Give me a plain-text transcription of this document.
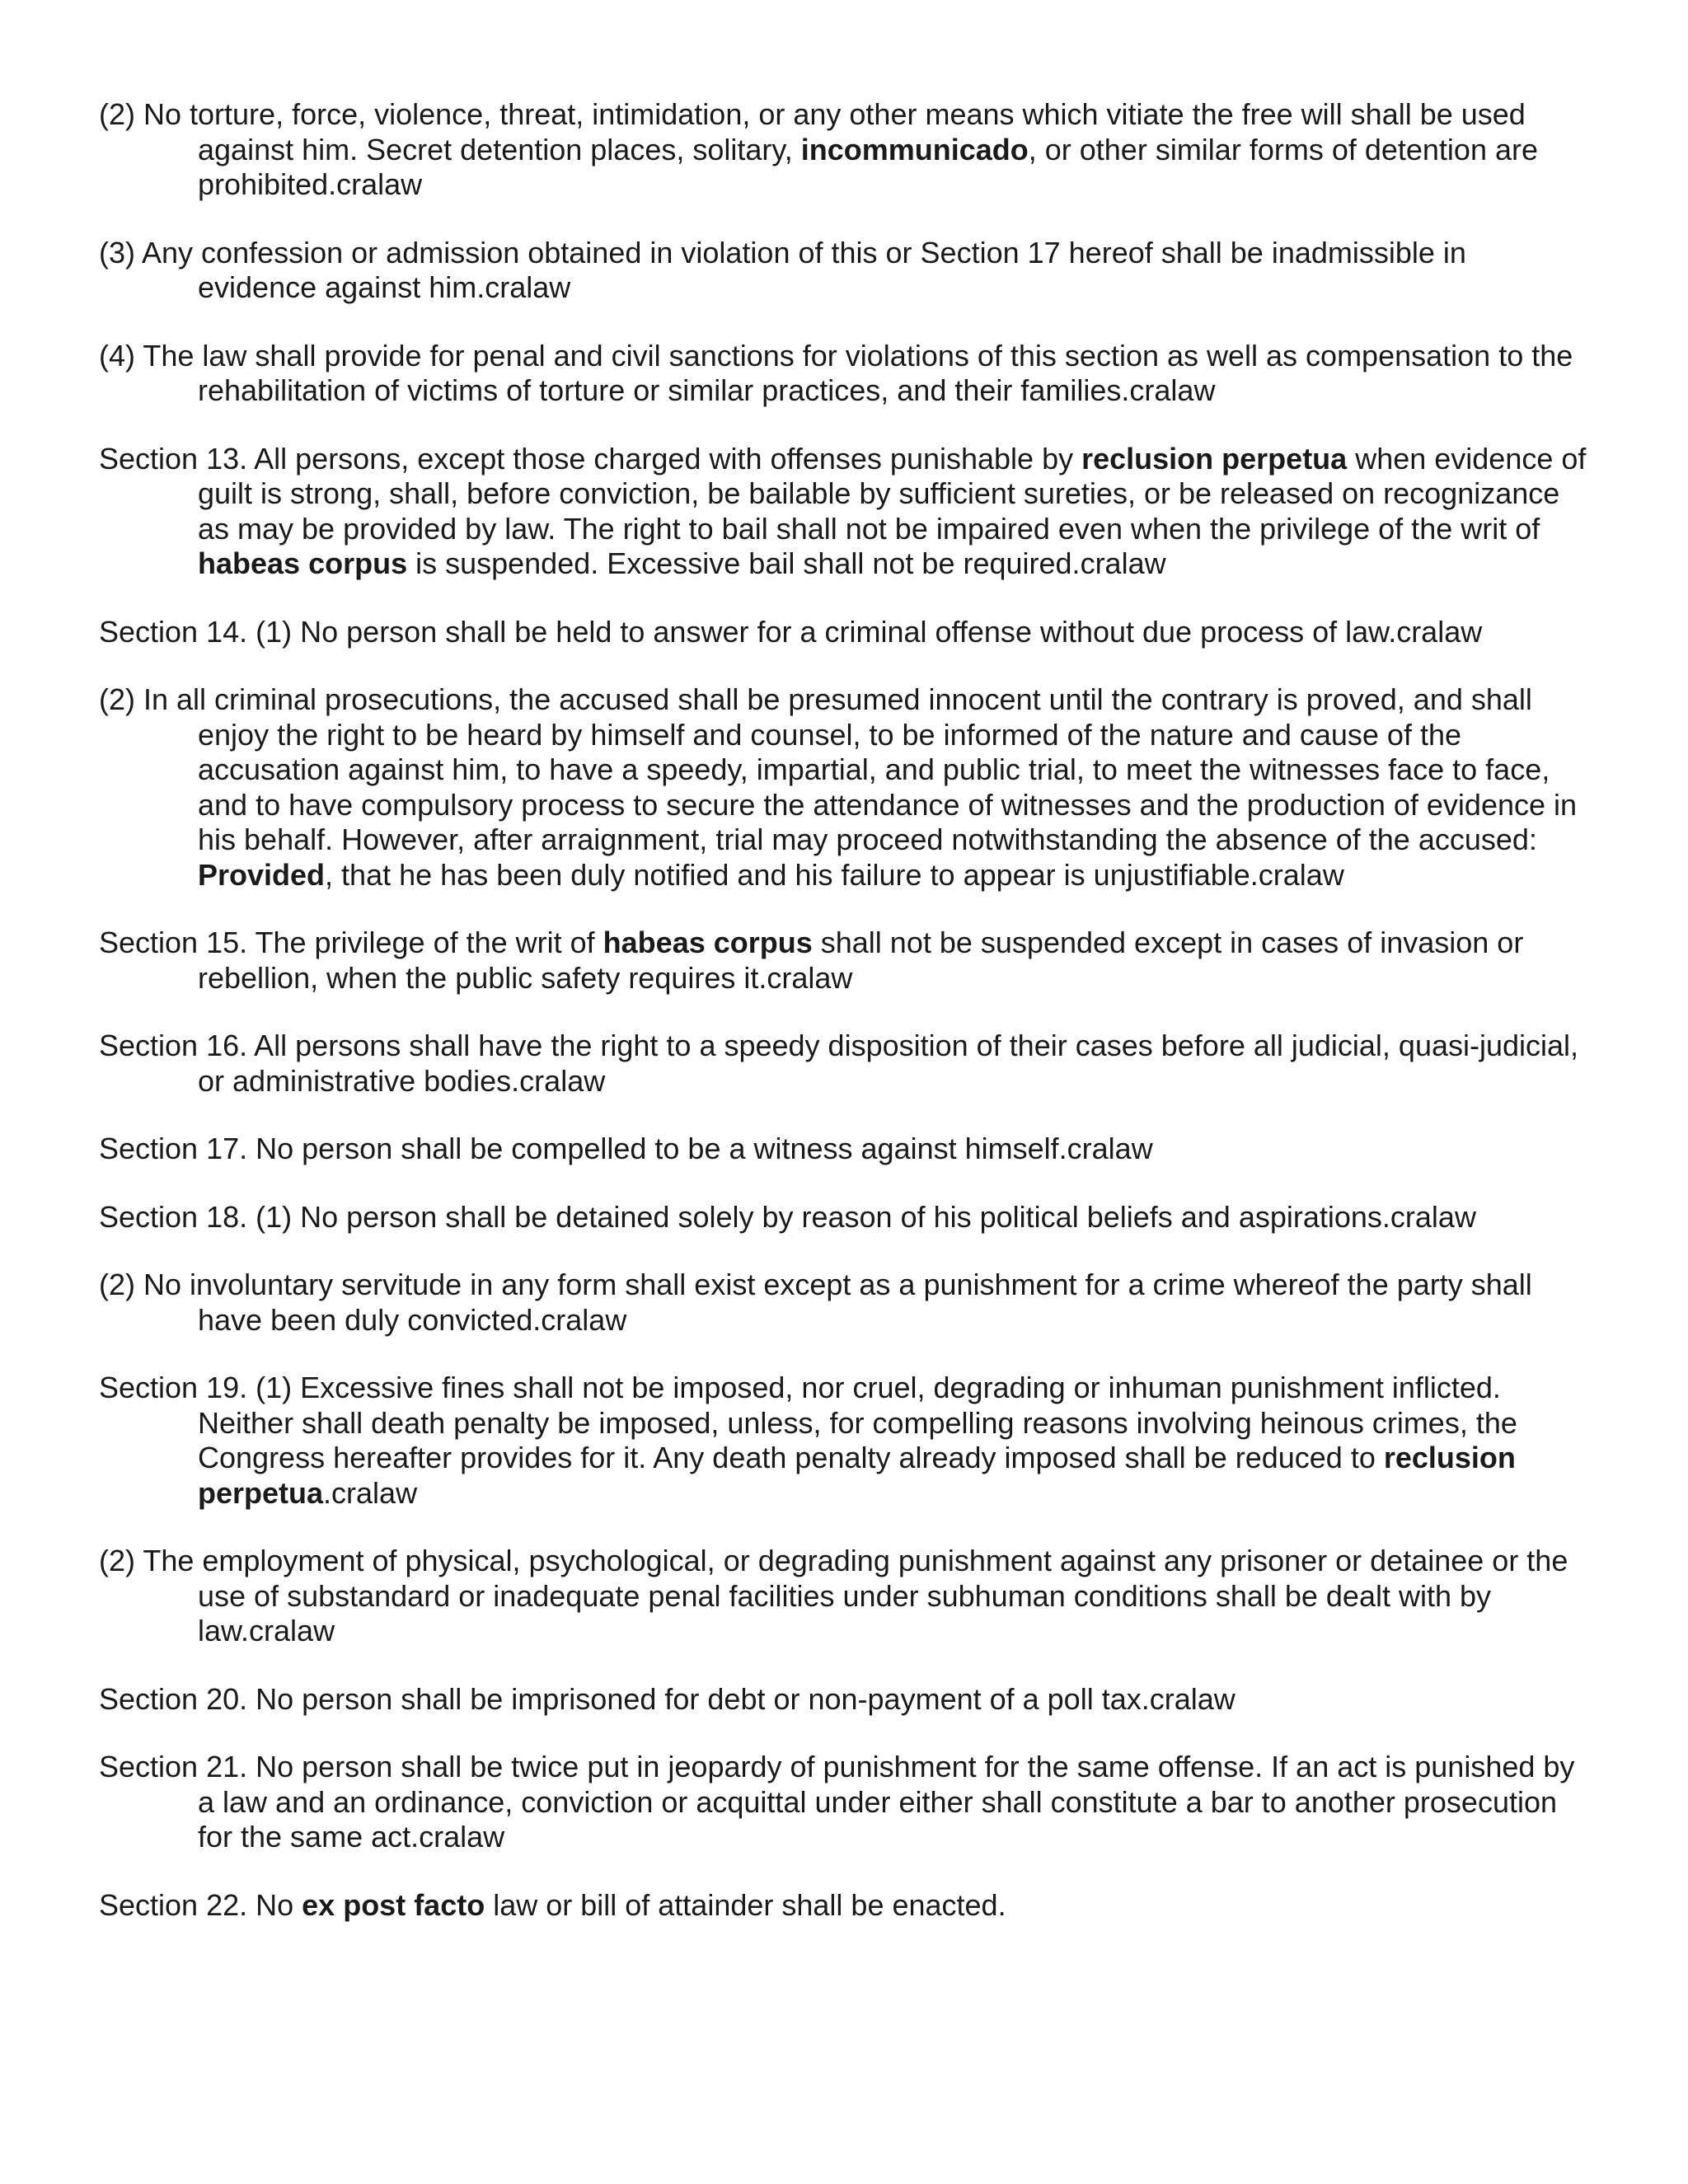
(2) No torture, force, violence, threat, intimidation, or any other means which vitiate the free will shall be used against him. Secret detention places, solitary, incommunicado, or other similar forms of detention are prohibited.cralaw

(3) Any confession or admission obtained in violation of this or Section 17 hereof shall be inadmissible in evidence against him.cralaw

(4) The law shall provide for penal and civil sanctions for violations of this section as well as compensation to the rehabilitation of victims of torture or similar practices, and their families.cralaw

Section 13. All persons, except those charged with offenses punishable by reclusion perpetua when evidence of guilt is strong, shall, before conviction, be bailable by sufficient sureties, or be released on recognizance as may be provided by law. The right to bail shall not be impaired even when the privilege of the writ of habeas corpus is suspended. Excessive bail shall not be required.cralaw

Section 14. (1) No person shall be held to answer for a criminal offense without due process of law.cralaw

(2) In all criminal prosecutions, the accused shall be presumed innocent until the contrary is proved, and shall enjoy the right to be heard by himself and counsel, to be informed of the nature and cause of the accusation against him, to have a speedy, impartial, and public trial, to meet the witnesses face to face, and to have compulsory process to secure the attendance of witnesses and the production of evidence in his behalf. However, after arraignment, trial may proceed notwithstanding the absence of the accused: Provided, that he has been duly notified and his failure to appear is unjustifiable.cralaw

Section 15. The privilege of the writ of habeas corpus shall not be suspended except in cases of invasion or rebellion, when the public safety requires it.cralaw

Section 16. All persons shall have the right to a speedy disposition of their cases before all judicial, quasi-judicial, or administrative bodies.cralaw

Section 17. No person shall be compelled to be a witness against himself.cralaw

Section 18. (1) No person shall be detained solely by reason of his political beliefs and aspirations.cralaw

(2) No involuntary servitude in any form shall exist except as a punishment for a crime whereof the party shall have been duly convicted.cralaw

Section 19. (1) Excessive fines shall not be imposed, nor cruel, degrading or inhuman punishment inflicted. Neither shall death penalty be imposed, unless, for compelling reasons involving heinous crimes, the Congress hereafter provides for it. Any death penalty already imposed shall be reduced to reclusion perpetua.cralaw

(2) The employment of physical, psychological, or degrading punishment against any prisoner or detainee or the use of substandard or inadequate penal facilities under subhuman conditions shall be dealt with by law.cralaw

Section 20. No person shall be imprisoned for debt or non-payment of a poll tax.cralaw

Section 21. No person shall be twice put in jeopardy of punishment for the same offense. If an act is punished by a law and an ordinance, conviction or acquittal under either shall constitute a bar to another prosecution for the same act.cralaw

Section 22. No ex post facto law or bill of attainder shall be enacted.
